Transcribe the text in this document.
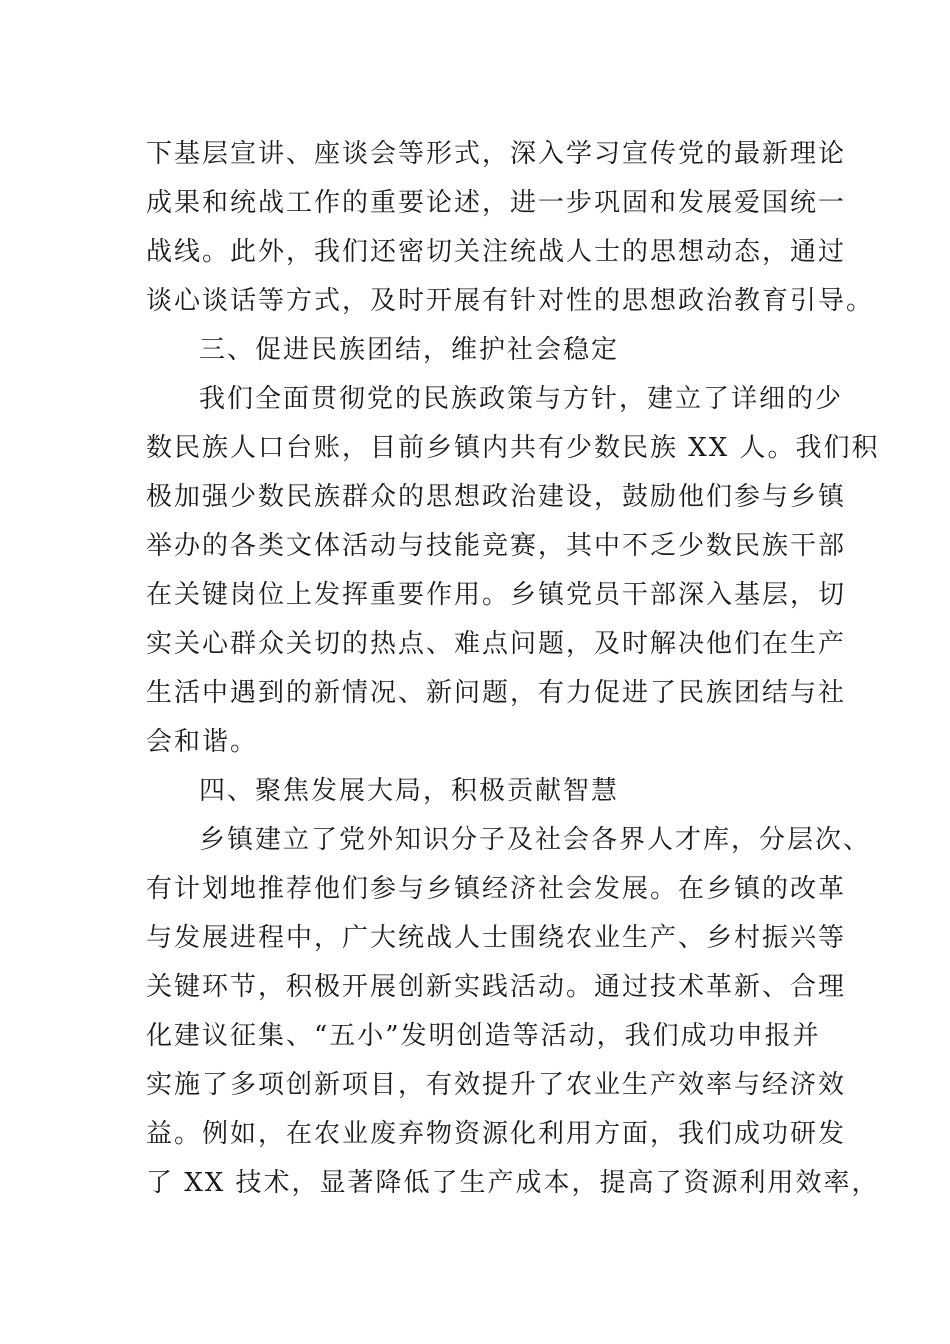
下基层宣讲、座谈会等形式，深入学习宣传党的最新理论
成果和统战工作的重要论述，进一步巩固和发展爱国统一
战线。此外，我们还密切关注统战人士的思想动态，通过
谈心谈话等方式，及时开展有针对性的思想政治教育引导。
三、促进民族团结，维护社会稳定
我们全面贯彻党的民族政策与方针，建立了详细的少
数民族人口台账，目前乡镇内共有少数民族 XX 人。我们积
极加强少数民族群众的思想政治建设，鼓励他们参与乡镇
举办的各类文体活动与技能竞赛，其中不乏少数民族干部
在关键岗位上发挥重要作用。乡镇党员干部深入基层，切
实关心群众关切的热点、难点问题，及时解决他们在生产
生活中遇到的新情况、新问题，有力促进了民族团结与社
会和谐。
四、聚焦发展大局，积极贡献智慧
乡镇建立了党外知识分子及社会各界人才库，分层次、
有计划地推荐他们参与乡镇经济社会发展。在乡镇的改革
与发展进程中，广大统战人士围绕农业生产、乡村振兴等
关键环节，积极开展创新实践活动。通过技术革新、合理
化建议征集、“五小”发明创造等活动，我们成功申报并
实施了多项创新项目，有效提升了农业生产效率与经济效
益。例如，在农业废弃物资源化利用方面，我们成功研发
了 XX 技术，显著降低了生产成本，提高了资源利用效率，
